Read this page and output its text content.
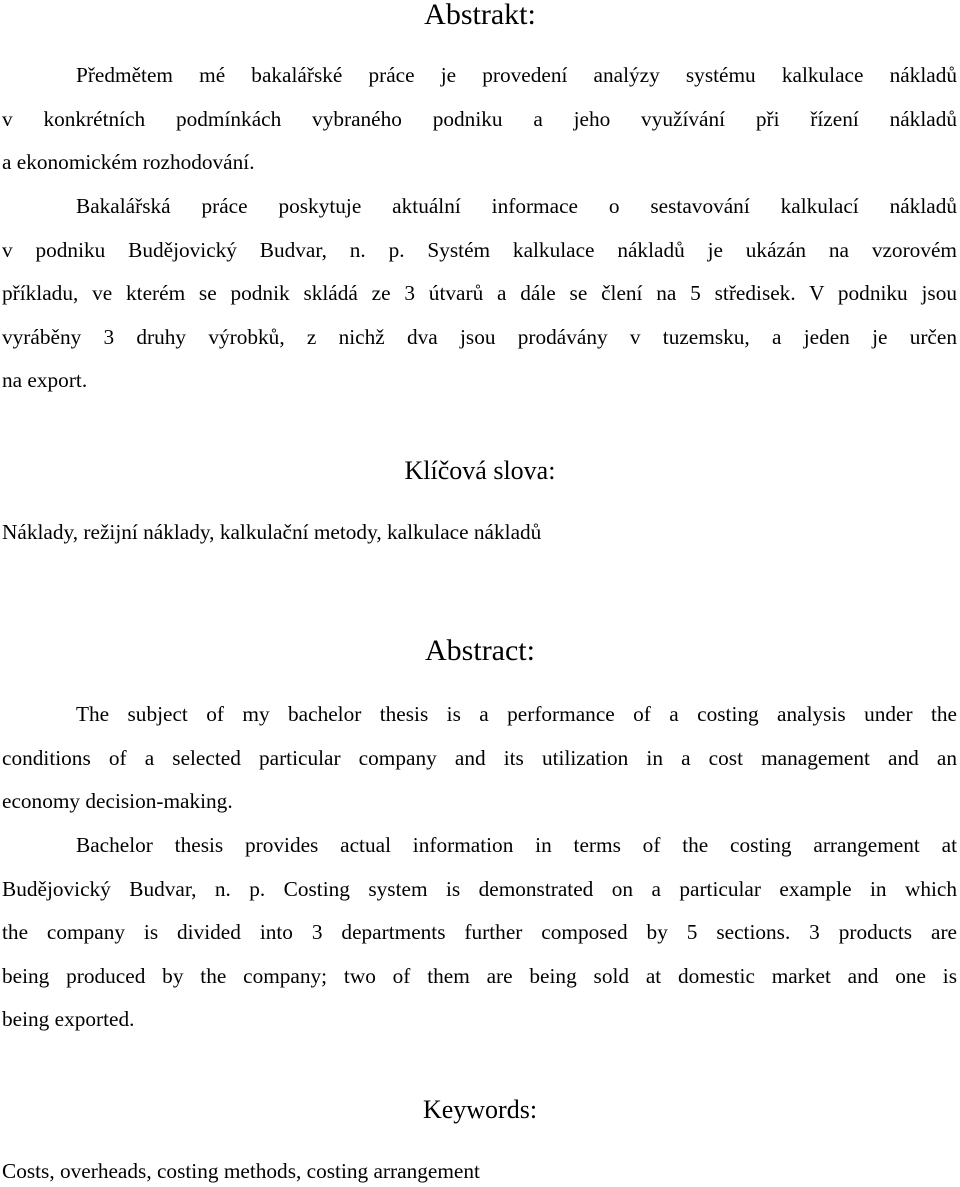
Abstrakt:
Předmětem mé bakalářské práce je provedení analýzy systému kalkulace nákladů
v konkrétních podmínkách vybraného podniku a jeho využívání při řízení nákladů
a ekonomickém rozhodování.
Bakalářská práce poskytuje aktuální informace o sestavování kalkulací nákladů
v podniku Budějovický Budvar, n. p. Systém kalkulace nákladů je ukázán na vzorovém
příkladu, ve kterém se podnik skládá ze 3 útvarů a dále se člení na 5 středisek. V podniku jsou
vyráběny 3 druhy výrobků, z nichž dva jsou prodávány v tuzemsku, a jeden je určen
na export.
Klíčová slova:

Náklady, režijní náklady, kalkulační metody, kalkulace nákladů

Abstract:
The subject of my bachelor thesis is a performance of a costing analysis under the
conditions of a selected particular company and its utilization in a cost management and an
economy decision-making.
Bachelor thesis provides actual information in terms of the costing arrangement at
Budějovický Budvar, n. p. Costing system is demonstrated on a particular example in which
the company is divided into 3 departments further composed by 5 sections. 3 products are
being produced by the company; two of them are being sold at domestic market and one is
being exported.
Keywords:

Costs, overheads, costing methods, costing arrangement
